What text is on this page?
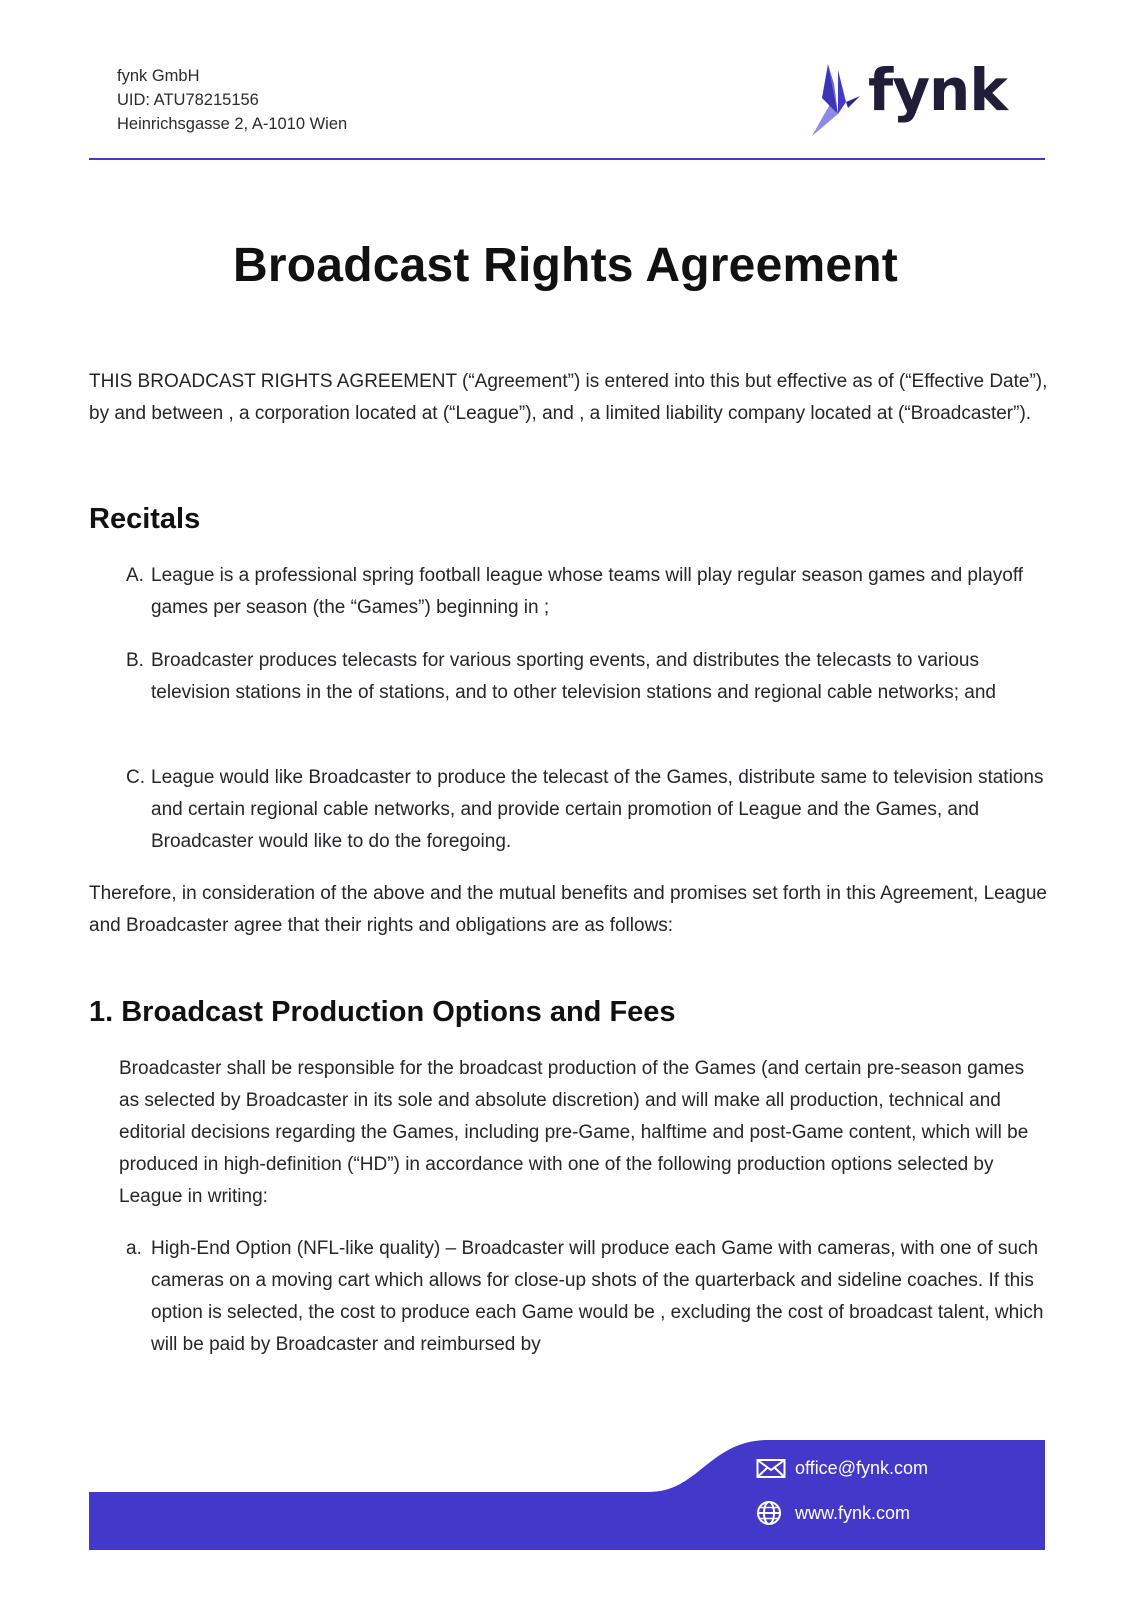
fynk GmbH
UID: ATU78215156
Heinrichsgasse 2, A-1010 Wien	fynk
Broadcast Rights Agreement
THIS BROADCAST RIGHTS AGREEMENT (“Agreement”) is entered into this but effective as of (“Effective Date”), by and between , a corporation located at (“League”), and , a limited liability company located at (“Broadcaster”).
Recitals
A. League is a professional spring football league whose teams will play regular season games and playoff games per season (the “Games”) beginning in ;
B. Broadcaster produces telecasts for various sporting events, and distributes the telecasts to various television stations in the of stations, and to other television stations and regional cable networks; and
C. League would like Broadcaster to produce the telecast of the Games, distribute same to television stations and certain regional cable networks, and provide certain promotion of League and the Games, and Broadcaster would like to do the foregoing.
Therefore, in consideration of the above and the mutual benefits and promises set forth in this Agreement, League and Broadcaster agree that their rights and obligations are as follows:
1. Broadcast Production Options and Fees
Broadcaster shall be responsible for the broadcast production of the Games (and certain pre-season games as selected by Broadcaster in its sole and absolute discretion) and will make all production, technical and editorial decisions regarding the Games, including pre-Game, halftime and post-Game content, which will be produced in high-definition (“HD”) in accordance with one of the following production options selected by League in writing:
a. High-End Option (NFL-like quality) – Broadcaster will produce each Game with cameras, with one of such cameras on a moving cart which allows for close-up shots of the quarterback and sideline coaches. If this option is selected, the cost to produce each Game would be , excluding the cost of broadcast talent, which will be paid by Broadcaster and reimbursed by
office@fynk.com
www.fynk.com
